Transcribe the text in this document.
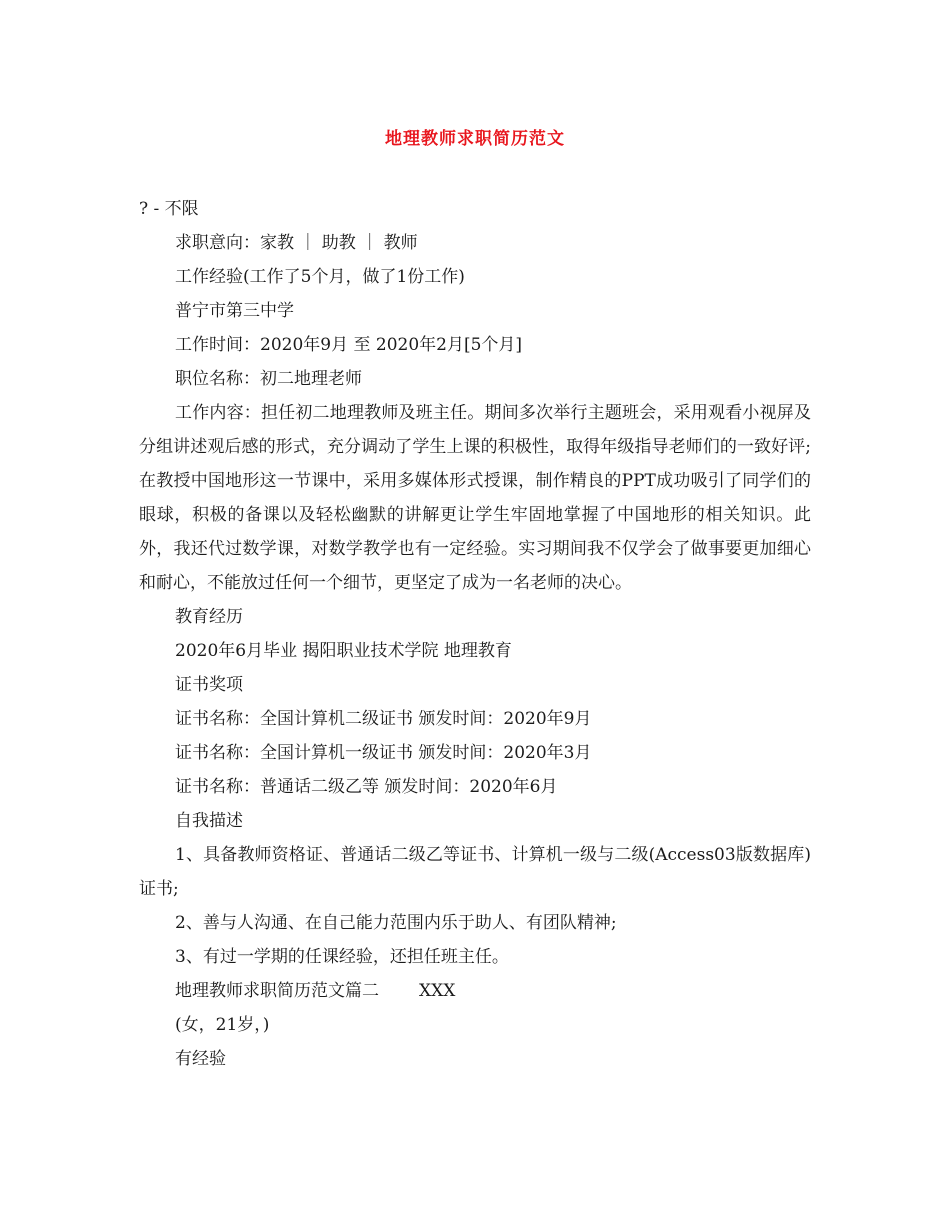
地理教师求职简历范文

? - 不限

求职意向：家教 ｜ 助教 ｜ 教师

工作经验(工作了5个月，做了1份工作)

普宁市第三中学

工作时间：2020年9月 至 2020年2月[5个月]

职位名称：初二地理老师

工作内容：担任初二地理教师及班主任。期间多次举行主题班会，采用观看小视屏及分组讲述观后感的形式，充分调动了学生上课的积极性，取得年级指导老师们的一致好评;在教授中国地形这一节课中，采用多媒体形式授课，制作精良的PPT成功吸引了同学们的眼球，积极的备课以及轻松幽默的讲解更让学生牢固地掌握了中国地形的相关知识。此外，我还代过数学课，对数学教学也有一定经验。实习期间我不仅学会了做事要更加细心和耐心，不能放过任何一个细节，更坚定了成为一名老师的决心。

教育经历

2020年6月毕业 揭阳职业技术学院 地理教育

证书奖项

证书名称：全国计算机二级证书 颁发时间：2020年9月

证书名称：全国计算机一级证书 颁发时间：2020年3月

证书名称：普通话二级乙等 颁发时间：2020年6月

自我描述

1、具备教师资格证、普通话二级乙等证书、计算机一级与二级(Access03版数据库)证书;

2、善与人沟通、在自己能力范围内乐于助人、有团队精神;

3、有过一学期的任课经验，还担任班主任。

地理教师求职简历范文篇二 XXX

(女，21岁，)

有经验
